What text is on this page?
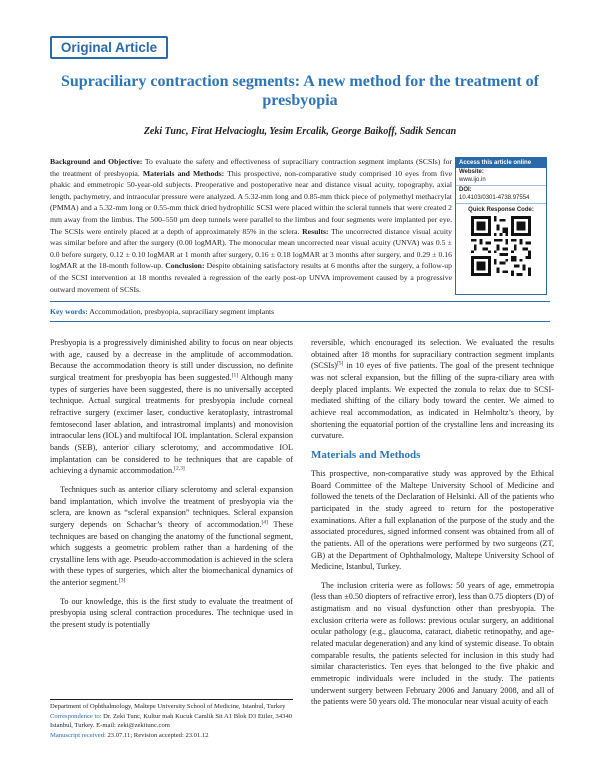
Original Article
Supraciliary contraction segments: A new method for the treatment of presbyopia
Zeki Tunc, Firat Helvacioglu, Yesim Ercalik, George Baikoff, Sadik Sencan

Background and Objective: To evaluate the safety and effectiveness of supraciliary contraction segment implants (SCSIs) for the treatment of presbyopia. Materials and Methods: This prospective, non-comparative study comprised 10 eyes from five phakic and emmetropic 50-year-old subjects. Preoperative and postoperative near and distance visual acuity, topography, axial length, pachymetry, and intraocular pressure were analyzed. A 5.32-mm long and 0.85-mm thick piece of polymethyl methacrylat (PMMA) and a 5.32-mm long or 0.55-mm thick dried hydrophilic SCSI were placed within the scleral tunnels that were created 2 mm away from the limbus. The 500–550 μm deep tunnels were parallel to the limbus and four segments were implanted per eye. The SCSIs were entirely placed at a depth of approximately 85% in the sclera. Results: The uncorrected distance visual acuity was similar before and after the surgery (0.00 logMAR). The monocular mean uncorrected near visual acuity (UNVA) was 0.5 ± 0.0 before surgery, 0.12 ± 0.10 logMAR at 1 month after surgery, 0.16 ± 0.18 logMAR at 3 months after surgery, and 0.29 ± 0.16 logMAR at the 18-month follow-up. Conclusion: Despite obtaining satisfactory results at 6 months after the surgery, a follow-up of the SCSI intervention at 18 months revealed a regression of the early post-op UNVA improvement caused by a progressive outward movement of SCSIs.

Access this article online
Website:
www.ijo.in
DOI:
10.4103/0301-4738.97554
Quick Response Code:
Key words: Accommodation, presbyopia, supraciliary segment implants

Presbyopia is a progressively diminished ability to focus on near objects with age, caused by a decrease in the amplitude of accommodation. Because the accommodation theory is still under discussion, no definite surgical treatment for presbyopia has been suggested.[1] Although many types of surgeries have been suggested, there is no universally accepted technique. Actual surgical treatments for presbyopia include corneal refractive surgery (excimer laser, conductive keratoplasty, intrastromal femtosecond laser ablation, and intrastromal implants) and monovision intraocular lens (IOL) and multifocal IOL implantation. Scleral expansion bands (SEB), anterior ciliary sclerotomy, and accommodative IOL implantation can be considered to be techniques that are capable of achieving a dynamic accommodation.[2,3]

Techniques such as anterior ciliary sclerotomy and scleral expansion band implantation, which involve the treatment of presbyopia via the sclera, are known as “scleral expansion” techniques. Scleral expansion surgery depends on Schachar’s theory of accommodation.[4] These techniques are based on changing the anatomy of the functional segment, which suggests a geometric problem rather than a hardening of the crystalline lens with age. Pseudo-accommodation is achieved in the sclera with these types of surgeries, which alter the biomechanical dynamics of the anterior segment.[3]

To our knowledge, this is the first study to evaluate the treatment of presbyopia using scleral contraction procedures. The technique used in the present study is potentially

reversible, which encouraged its selection. We evaluated the results obtained after 18 months for supraciliary contraction segment implants (SCSIs)[5] in 10 eyes of five patients. The goal of the present technique was not scleral expansion, but the filling of the supra-ciliary area with deeply placed implants. We expected the zonula to relax due to SCSI-mediated shifting of the ciliary body toward the center. We aimed to achieve real accommodation, as indicated in Helmholtz’s theory, by shortening the equatorial portion of the crystalline lens and increasing its curvature.

Materials and Methods

This prospective, non-comparative study was approved by the Ethical Board Committee of the Maltepe University School of Medicine and followed the tenets of the Declaration of Helsinki. All of the patients who participated in the study agreed to return for the postoperative examinations. After a full explanation of the purpose of the study and the associated procedures, signed informed consent was obtained from all of the patients. All of the operations were performed by two surgeons (ZT, GB) at the Department of Ophthalmology, Maltepe University School of Medicine, Istanbul, Turkey.

The inclusion criteria were as follows: 50 years of age, emmetropia (less than ±0.50 diopters of refractive error), less than 0.75 diopters (D) of astigmatism and no visual dysfunction other than presbyopia. The exclusion criteria were as follows: previous ocular surgery, an additional ocular pathology (e.g., glaucoma, cataract, diabetic retinopathy, and age-related macular degeneration) and any kind of systemic disease. To obtain comparable results, the patients selected for inclusion in this study had similar characteristics. Ten eyes that belonged to the five phakic and emmetropic individuals were included in the study. The patients underwent surgery between February 2006 and January 2008, and all of the patients were 50 years old. The monocular near visual acuity of each

Department of Ophthalmology, Maltepe University School of Medicine, Istanbul, Turkey
Correspondence to: Dr. Zeki Tunc, Kultur mah Kucuk Camlik Sit A1 Blok D3 Etiler, 34340 Istanbul, Turkey. E-mail: zeki@zekitunc.com
Manuscript received: 23.07.11; Revision accepted: 23.01.12
